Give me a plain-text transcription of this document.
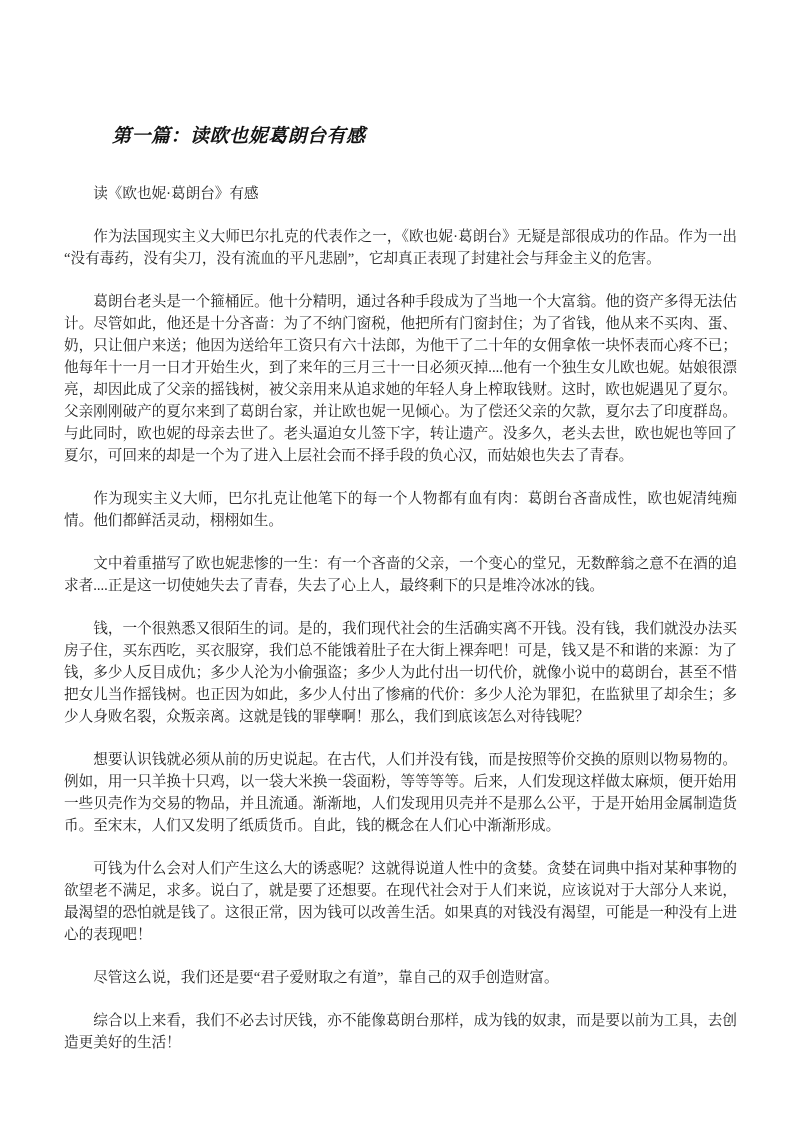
第一篇：读欧也妮葛朗台有感

读《欧也妮·葛朗台》有感

作为法国现实主义大师巴尔扎克的代表作之一，《欧也妮·葛朗台》无疑是部很成功的作品。作为一出“没有毒药，没有尖刀，没有流血的平凡悲剧”，它却真正表现了封建社会与拜金主义的危害。

葛朗台老头是一个箍桶匠。他十分精明，通过各种手段成为了当地一个大富翁。他的资产多得无法估计。尽管如此，他还是十分吝啬：为了不纳门窗税，他把所有门窗封住；为了省钱，他从来不买肉、蛋、奶，只让佃户来送；他因为送给年工资只有六十法郎，为他干了二十年的女佣拿侬一块怀表而心疼不已；他每年十一月一日才开始生火，到了来年的三月三十一日必须灭掉....他有一个独生女儿欧也妮。姑娘很漂亮，却因此成了父亲的摇钱树，被父亲用来从追求她的年轻人身上榨取钱财。这时，欧也妮遇见了夏尔。父亲刚刚破产的夏尔来到了葛朗台家，并让欧也妮一见倾心。为了偿还父亲的欠款，夏尔去了印度群岛。与此同时，欧也妮的母亲去世了。老头逼迫女儿签下字，转让遗产。没多久，老头去世，欧也妮也等回了夏尔，可回来的却是一个为了进入上层社会而不择手段的负心汉，而姑娘也失去了青春。

作为现实主义大师，巴尔扎克让他笔下的每一个人物都有血有肉：葛朗台吝啬成性，欧也妮清纯痴情。他们都鲜活灵动，栩栩如生。

文中着重描写了欧也妮悲惨的一生：有一个吝啬的父亲，一个变心的堂兄，无数醉翁之意不在酒的追求者....正是这一切使她失去了青春，失去了心上人，最终剩下的只是堆冷冰冰的钱。

钱，一个很熟悉又很陌生的词。是的，我们现代社会的生活确实离不开钱。没有钱，我们就没办法买房子住，买东西吃，买衣服穿，我们总不能饿着肚子在大街上裸奔吧！可是，钱又是不和谐的来源：为了钱，多少人反目成仇；多少人沦为小偷强盗；多少人为此付出一切代价，就像小说中的葛朗台，甚至不惜把女儿当作摇钱树。也正因为如此，多少人付出了惨痛的代价：多少人沦为罪犯，在监狱里了却余生；多少人身败名裂，众叛亲离。这就是钱的罪孽啊！那么，我们到底该怎么对待钱呢？

想要认识钱就必须从前的历史说起。在古代，人们并没有钱，而是按照等价交换的原则以物易物的。例如，用一只羊换十只鸡，以一袋大米换一袋面粉，等等等等。后来，人们发现这样做太麻烦，便开始用一些贝壳作为交易的物品，并且流通。渐渐地，人们发现用贝壳并不是那么公平，于是开始用金属制造货币。至宋末，人们又发明了纸质货币。自此，钱的概念在人们心中渐渐形成。

可钱为什么会对人们产生这么大的诱惑呢？这就得说道人性中的贪婪。贪婪在词典中指对某种事物的欲望老不满足，求多。说白了，就是要了还想要。在现代社会对于人们来说，应该说对于大部分人来说，最渴望的恐怕就是钱了。这很正常，因为钱可以改善生活。如果真的对钱没有渴望，可能是一种没有上进心的表现吧！

尽管这么说，我们还是要“君子爱财取之有道”，靠自己的双手创造财富。

综合以上来看，我们不必去讨厌钱，亦不能像葛朗台那样，成为钱的奴隶，而是要以前为工具，去创造更美好的生活！
